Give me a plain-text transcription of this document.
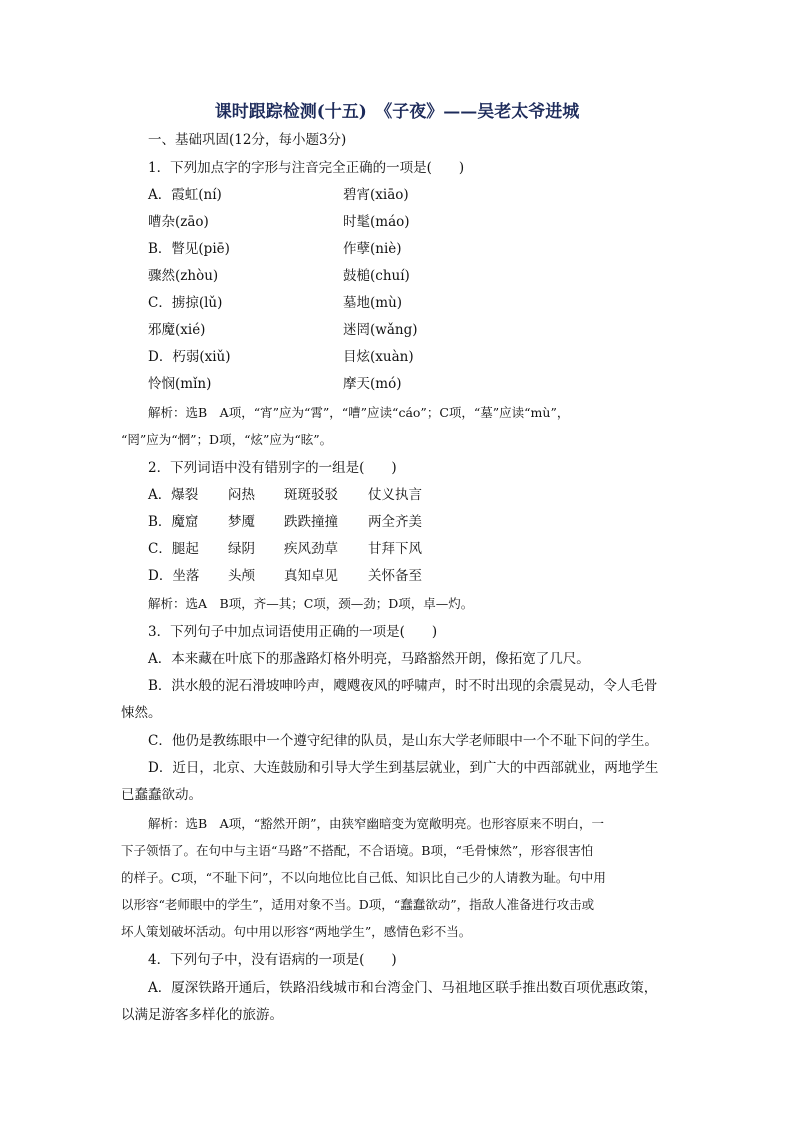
课时跟踪检测(十五)　《子夜》——吴老太爷进城
一、基础巩固(12分，每小题3分)
1．下列加点字的字形与注音完全正确的一项是(　　)
A．霞虹(ní)	碧宵(xiāo)
嘈杂(zāo)	时髦(máo)
B．瞥见(piē)	作孽(niè)
骤然(zhòu)	鼓槌(chuí)
C．掳掠(lǔ)	墓地(mù)
邪魔(xié)	迷罔(wǎng)
D．朽弱(xiǔ)	目炫(xuàn)
怜悯(mǐn)	摩天(mó)
解析：选B　A项，“宵”应为“霄”，“嘈”应读“cáo”；C项，“墓”应读“mù”，
“罔”应为“惘”；D项，“炫”应为“眩”。
2．下列词语中没有错别字的一组是(　　)
A．爆裂 闷热 斑斑驳驳 仗义执言
B．魔窟 梦魇 跌跌撞撞 两全齐美
C．腿起 绿阴 疾风劲草 甘拜下风
D．坐落 头颅 真知卓见 关怀备至
解析：选A　B项，齐—其；C项，颈—劲；D项，卓—灼。
3．下列句子中加点词语使用正确的一项是(　　)
A．本来藏在叶底下的那盏路灯格外明亮，马路豁然开朗，像拓宽了几尺。
B．洪水般的泥石滑坡呻吟声，飕飕夜风的呼啸声，时不时出现的余震晃动，令人毛骨
悚然。
C．他仍是教练眼中一个遵守纪律的队员，是山东大学老师眼中一个不耻下问的学生。
D．近日，北京、大连鼓励和引导大学生到基层就业，到广大的中西部就业，两地学生
已蠢蠢欲动。
解析：选B　A项，“豁然开朗”，由狭窄幽暗变为宽敞明亮。也形容原来不明白，一
下子领悟了。在句中与主语“马路”不搭配，不合语境。B项，“毛骨悚然”，形容很害怕
的样子。C项，“不耻下问”，不以向地位比自己低、知识比自己少的人请教为耻。句中用
以形容“老师眼中的学生”，适用对象不当。D项，“蠢蠢欲动”，指敌人准备进行攻击或
坏人策划破坏活动。句中用以形容“两地学生”，感情色彩不当。
4．下列句子中，没有语病的一项是(　　)
A．厦深铁路开通后，铁路沿线城市和台湾金门、马祖地区联手推出数百项优惠政策，
以满足游客多样化的旅游。
